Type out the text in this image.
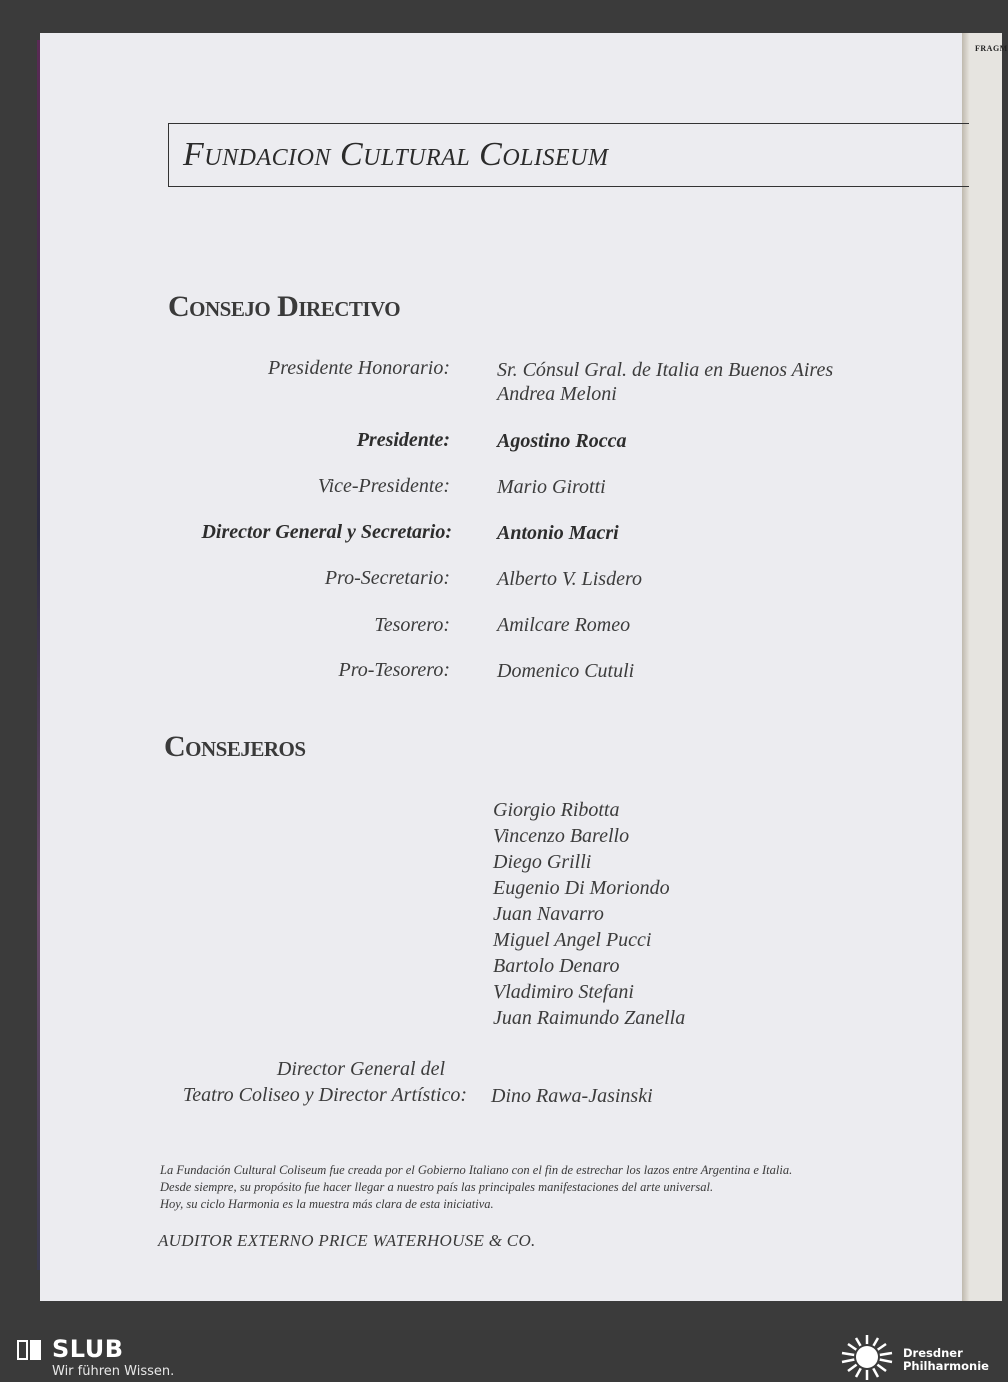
FRAGM
Fundacion Cultural Coliseum
Consejo Directivo
Presidente Honorario: Sr. Cónsul Gral. de Italia en Buenos Aires
Andrea Meloni
Presidente: Agostino Rocca
Vice-Presidente: Mario Girotti
Director General y Secretario: Antonio Macri
Pro-Secretario: Alberto V. Lisdero
Tesorero: Amilcare Romeo
Pro-Tesorero: Domenico Cutuli
Consejeros
Giorgio Ribotta
Vincenzo Barello
Diego Grilli
Eugenio Di Moriondo
Juan Navarro
Miguel Angel Pucci
Bartolo Denaro
Vladimiro Stefani
Juan Raimundo Zanella
Director General del
Teatro Coliseo y Director Artístico: Dino Rawa-Jasinski
La Fundación Cultural Coliseum fue creada por el Gobierno Italiano con el fin de estrechar los lazos entre Argentina e Italia.
Desde siempre, su propósito fue hacer llegar a nuestro país las principales manifestaciones del arte universal.
Hoy, su ciclo Harmonia es la muestra más clara de esta iniciativa.
AUDITOR EXTERNO PRICE WATERHOUSE & CO.
SLUB
Wir führen Wissen.
Dresdner
Philharmonie
